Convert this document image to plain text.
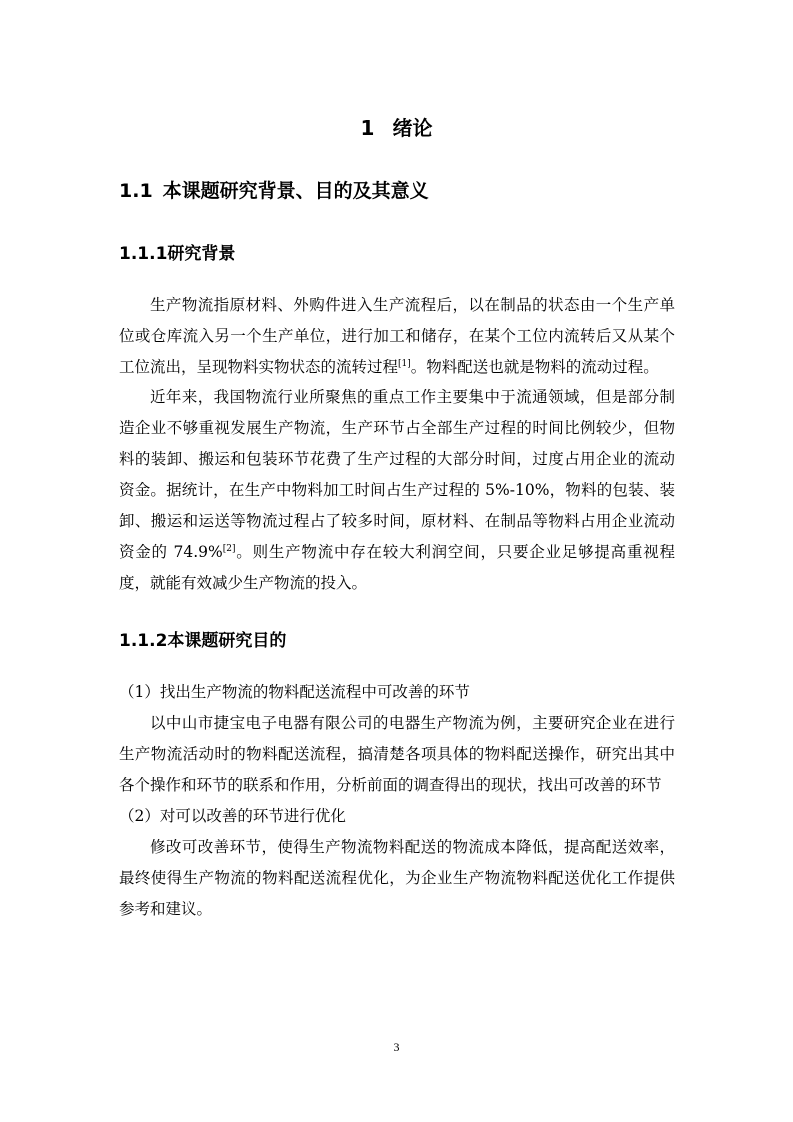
1 绪论
1.1 本课题研究背景、目的及其意义
1.1.1研究背景

生产物流指原材料、外购件进入生产流程后，以在制品的状态由一个生产单位或仓库流入另一个生产单位，进行加工和储存，在某个工位内流转后又从某个工位流出，呈现物料实物状态的流转过程[1]。物料配送也就是物料的流动过程。

近年来，我国物流行业所聚焦的重点工作主要集中于流通领域，但是部分制造企业不够重视发展生产物流，生产环节占全部生产过程的时间比例较少，但物料的装卸、搬运和包装环节花费了生产过程的大部分时间，过度占用企业的流动资金。据统计，在生产中物料加工时间占生产过程的 5%-10%，物料的包装、装卸、搬运和运送等物流过程占了较多时间，原材料、在制品等物料占用企业流动资金的 74.9%[2]。则生产物流中存在较大利润空间，只要企业足够提高重视程度，就能有效减少生产物流的投入。

1.1.2本课题研究目的

（1）找出生产物流的物料配送流程中可改善的环节

以中山市捷宝电子电器有限公司的电器生产物流为例，主要研究企业在进行生产物流活动时的物料配送流程，搞清楚各项具体的物料配送操作，研究出其中各个操作和环节的联系和作用，分析前面的调查得出的现状，找出可改善的环节

（2）对可以改善的环节进行优化

修改可改善环节，使得生产物流物料配送的物流成本降低，提高配送效率，最终使得生产物流的物料配送流程优化，为企业生产物流物料配送优化工作提供参考和建议。

3
